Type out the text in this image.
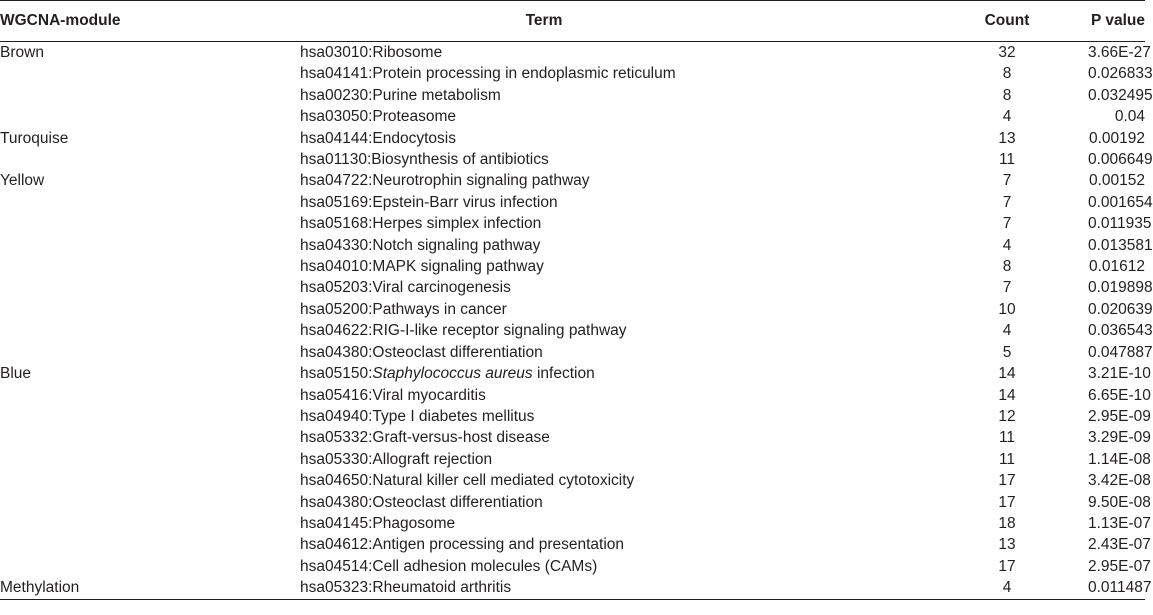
WGCNA-module	Term	Count	P value
Brown	hsa03010:Ribosome	32	3.66E-27
	hsa04141:Protein processing in endoplasmic reticulum	8	0.026833
	hsa00230:Purine metabolism	8	0.032495
	hsa03050:Proteasome	4	0.04
Turoquise	hsa04144:Endocytosis	13	0.00192
	hsa01130:Biosynthesis of antibiotics	11	0.006649
Yellow	hsa04722:Neurotrophin signaling pathway	7	0.00152
	hsa05169:Epstein-Barr virus infection	7	0.001654
	hsa05168:Herpes simplex infection	7	0.011935
	hsa04330:Notch signaling pathway	4	0.013581
	hsa04010:MAPK signaling pathway	8	0.01612
	hsa05203:Viral carcinogenesis	7	0.019898
	hsa05200:Pathways in cancer	10	0.020639
	hsa04622:RIG-I-like receptor signaling pathway	4	0.036543
	hsa04380:Osteoclast differentiation	5	0.047887
Blue	hsa05150:Staphylococcus aureus infection	14	3.21E-10
	hsa05416:Viral myocarditis	14	6.65E-10
	hsa04940:Type I diabetes mellitus	12	2.95E-09
	hsa05332:Graft-versus-host disease	11	3.29E-09
	hsa05330:Allograft rejection	11	1.14E-08
	hsa04650:Natural killer cell mediated cytotoxicity	17	3.42E-08
	hsa04380:Osteoclast differentiation	17	9.50E-08
	hsa04145:Phagosome	18	1.13E-07
	hsa04612:Antigen processing and presentation	13	2.43E-07
	hsa04514:Cell adhesion molecules (CAMs)	17	2.95E-07
Methylation	hsa05323:Rheumatoid arthritis	4	0.011487
